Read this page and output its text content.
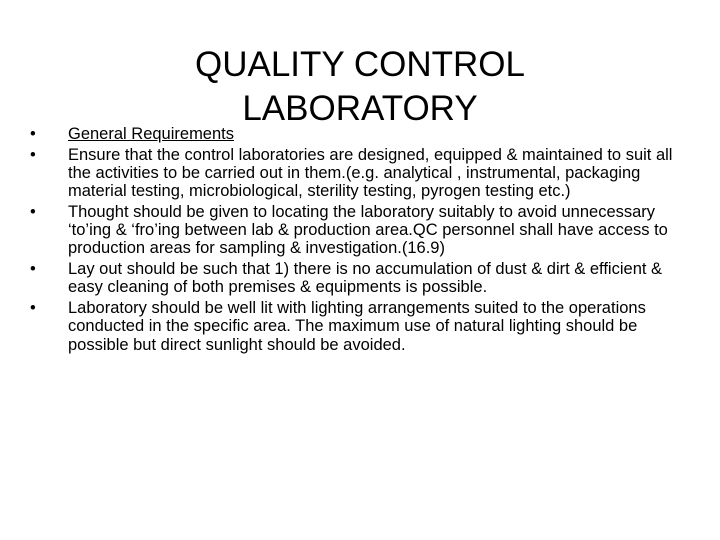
QUALITY CONTROL
LABORATORY
•	General Requirements
•	Ensure that the control laboratories are designed, equipped & maintained to suit all the activities to be carried out in them.(e.g. analytical , instrumental, packaging material testing, microbiological, sterility testing, pyrogen testing etc.)
•	Thought should be given to locating the laboratory suitably to avoid unnecessary ‘to’ing & ‘fro’ing between lab & production area.QC personnel shall have access to production areas for sampling & investigation.(16.9)
•	Lay out should be such that 1) there is no accumulation of dust & dirt & efficient & easy cleaning of both premises & equipments is possible.
•	Laboratory should be well lit with lighting arrangements suited to the operations conducted in the specific area. The maximum use of natural lighting should be possible but direct sunlight should be avoided.
